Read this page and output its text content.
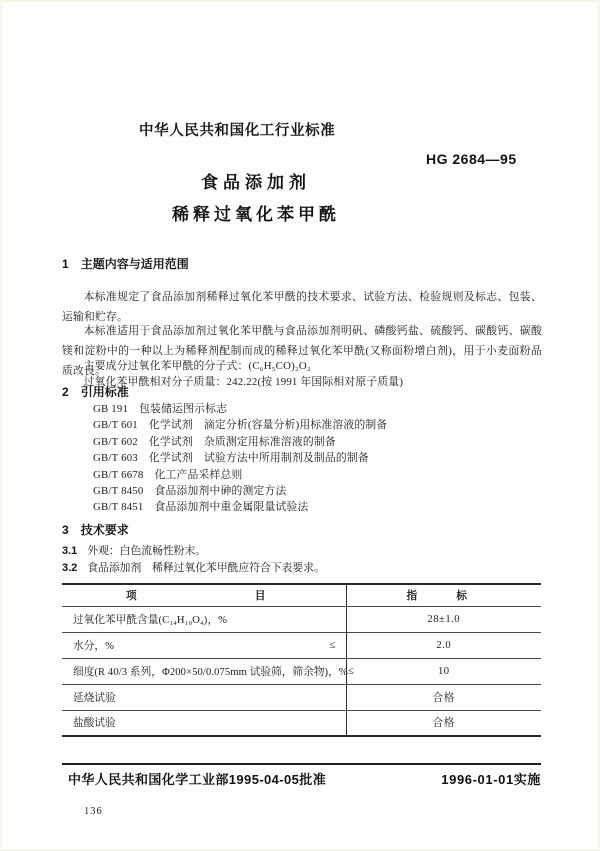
中华人民共和国化工行业标准
HG 2684—95
食品添加剂
稀释过氧化苯甲酰
1 主题内容与适用范围

本标准规定了食品添加剂稀释过氧化苯甲酰的技术要求、试验方法、检验规则及标志、包装、运输和贮存。

本标准适用于食品添加剂过氧化苯甲酰与食品添加剂明矾、磷酸钙盐、硫酸钙、碳酸钙、碳酸镁和淀粉中的一种以上为稀释剂配制而成的稀释过氧化苯甲酰(又称面粉增白剂)，用于小麦面粉品质改良。

主要成分过氧化苯甲酰的分子式：(C₆H₅CO)₂O₂

过氧化苯甲酰相对分子质量：242.22(按 1991 年国际相对原子质量)

2 引用标准
GB 191　包装储运图示标志
GB/T 601　化学试剂　滴定分析(容量分析)用标准溶液的制备
GB/T 602　化学试剂　杂质测定用标准溶液的制备
GB/T 603　化学试剂　试验方法中所用制剂及制品的制备
GB/T 6678　化工产品采样总则
GB/T 8450　食品添加剂中砷的测定方法
GB/T 8451　食品添加剂中重金属限量试验法
3 技术要求
3.1 外观：白色流畅性粉末。
3.2 食品添加剂　稀释过氧化苯甲酰应符合下表要求。
项 目	指 标

过氧化苯甲酰含量(C₁₄H₁₀O₄)，%	28±1.0

水分，% ≤	2.0

细度(R 40/3 系列，Φ200×50/0.075mm 试验筛，筛余物)，% ≤	10

延烧试验	合格

盐酸试验	合格
中华人民共和国化学工业部1995-04-05批准	1996-01-01实施
136
